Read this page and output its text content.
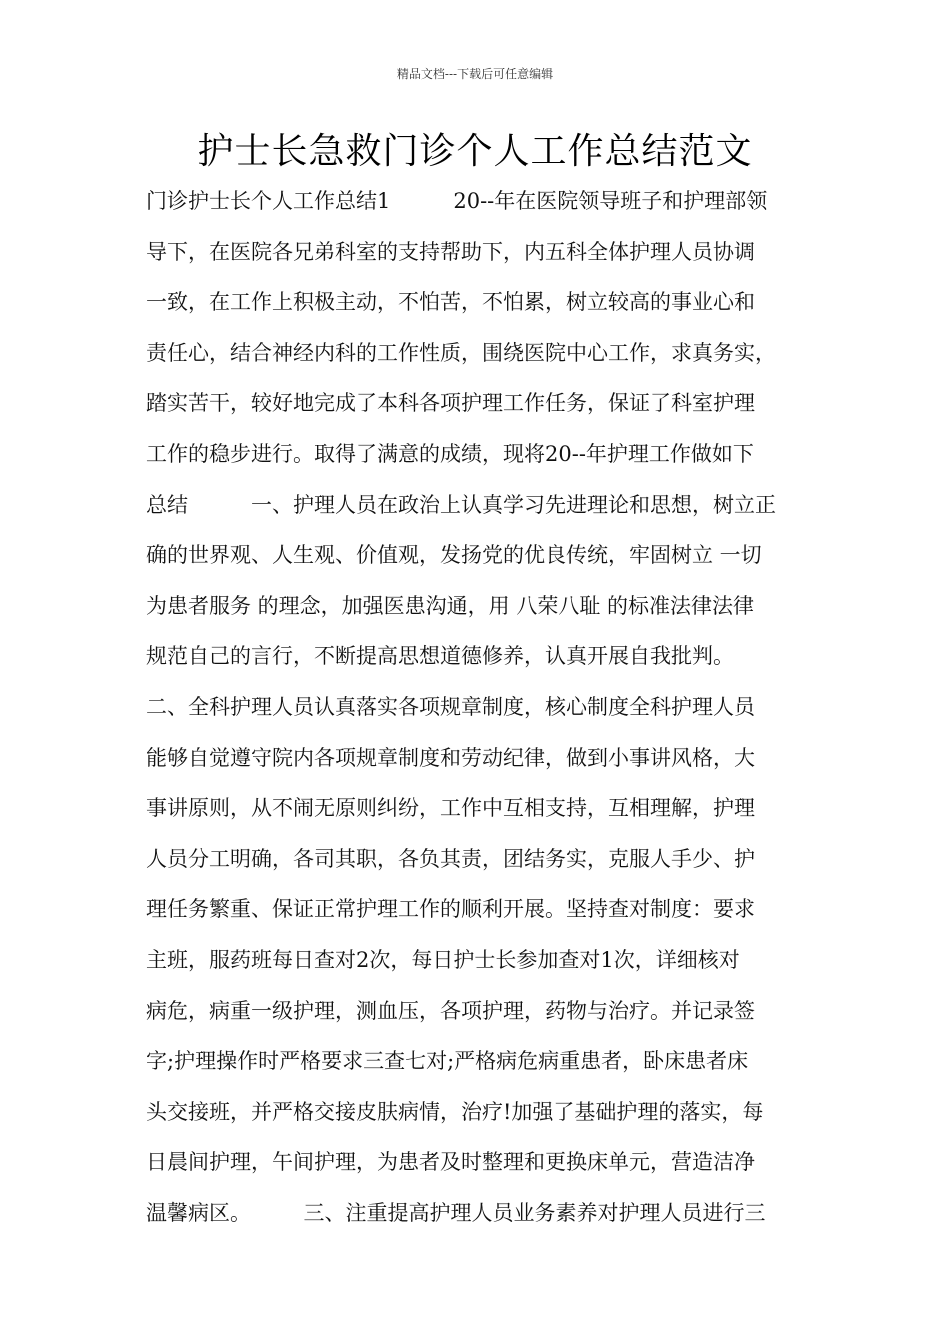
精品文档---下载后可任意编辑
护士长急救门诊个人工作总结范文
门诊护士长个人工作总结1　　　20--年在医院领导班子和护理部领
导下，在医院各兄弟科室的支持帮助下，内五科全体护理人员协调
一致，在工作上积极主动，不怕苦，不怕累，树立较高的事业心和
责任心，结合神经内科的工作性质，围绕医院中心工作，求真务实，
踏实苦干，较好地完成了本科各项护理工作任务，保证了科室护理
工作的稳步进行。取得了满意的成绩，现将20--年护理工作做如下
总结　　　一、护理人员在政治上认真学习先进理论和思想，树立正
确的世界观、人生观、价值观，发扬党的优良传统，牢固树立 一切
为患者服务 的理念，加强医患沟通，用 八荣八耻 的标准法律法律
规范自己的言行，不断提高思想道德修养，认真开展自我批判。
二、全科护理人员认真落实各项规章制度，核心制度全科护理人员
能够自觉遵守院内各项规章制度和劳动纪律，做到小事讲风格，大
事讲原则，从不闹无原则纠纷，工作中互相支持，互相理解，护理
人员分工明确，各司其职，各负其责，团结务实，克服人手少、护
理任务繁重、保证正常护理工作的顺利开展。坚持查对制度：要求
主班，服药班每日查对2次，每日护士长参加查对1次，详细核对
病危，病重一级护理，测血压，各项护理，药物与治疗。并记录签
字;护理操作时严格要求三查七对;严格病危病重患者，卧床患者床
头交接班，并严格交接皮肤病情，治疗!加强了基础护理的落实，每
日晨间护理，午间护理，为患者及时整理和更换床单元，营造洁净
温馨病区。　　　三、注重提高护理人员业务素养对护理人员进行三
